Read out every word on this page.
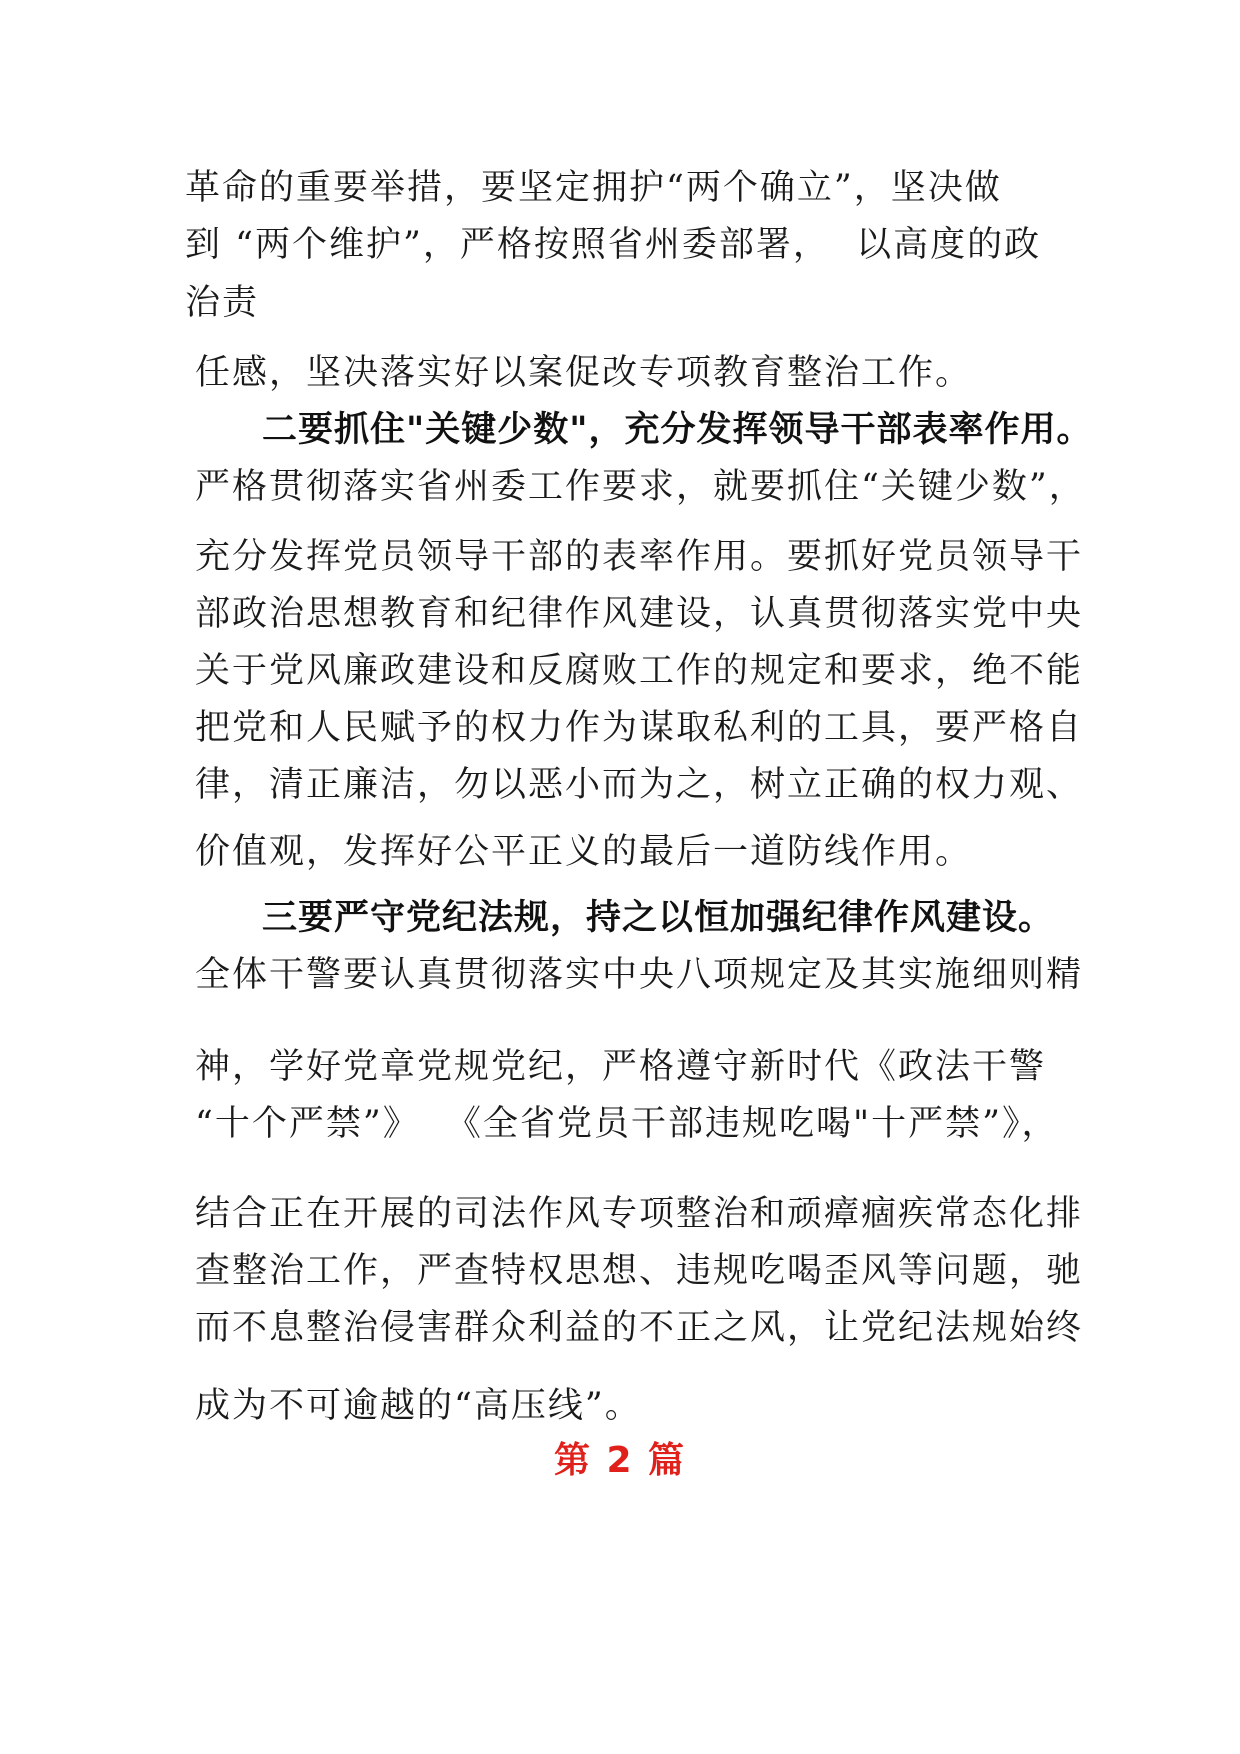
革命的重要举措，要坚定拥护“两个确立”，坚决做
到 “两个维护”，严格按照省州委部署，  以高度的政
治责
任感，坚决落实好以案促改专项教育整治工作。
二要抓住"关键少数"，充分发挥领导干部表率作用。
严格贯彻落实省州委工作要求，就要抓住“关键少数”，
充分发挥党员领导干部的表率作用。要抓好党员领导干
部政治思想教育和纪律作风建设，认真贯彻落实党中央
关于党风廉政建设和反腐败工作的规定和要求，绝不能
把党和人民赋予的权力作为谋取私利的工具，要严格自
律，清正廉洁，勿以恶小而为之，树立正确的权力观、
价值观，发挥好公平正义的最后一道防线作用。
三要严守党纪法规，持之以恒加强纪律作风建设。
全体干警要认真贯彻落实中央八项规定及其实施细则精
神，学好党章党规党纪，严格遵守新时代《政法干警
“十个严禁”》  《全省党员干部违规吃喝"十严禁”》，
结合正在开展的司法作风专项整治和顽瘴痼疾常态化排
查整治工作，严查特权思想、违规吃喝歪风等问题，驰
而不息整治侵害群众利益的不正之风，让党纪法规始终
成为不可逾越的“高压线”。
第 2 篇
